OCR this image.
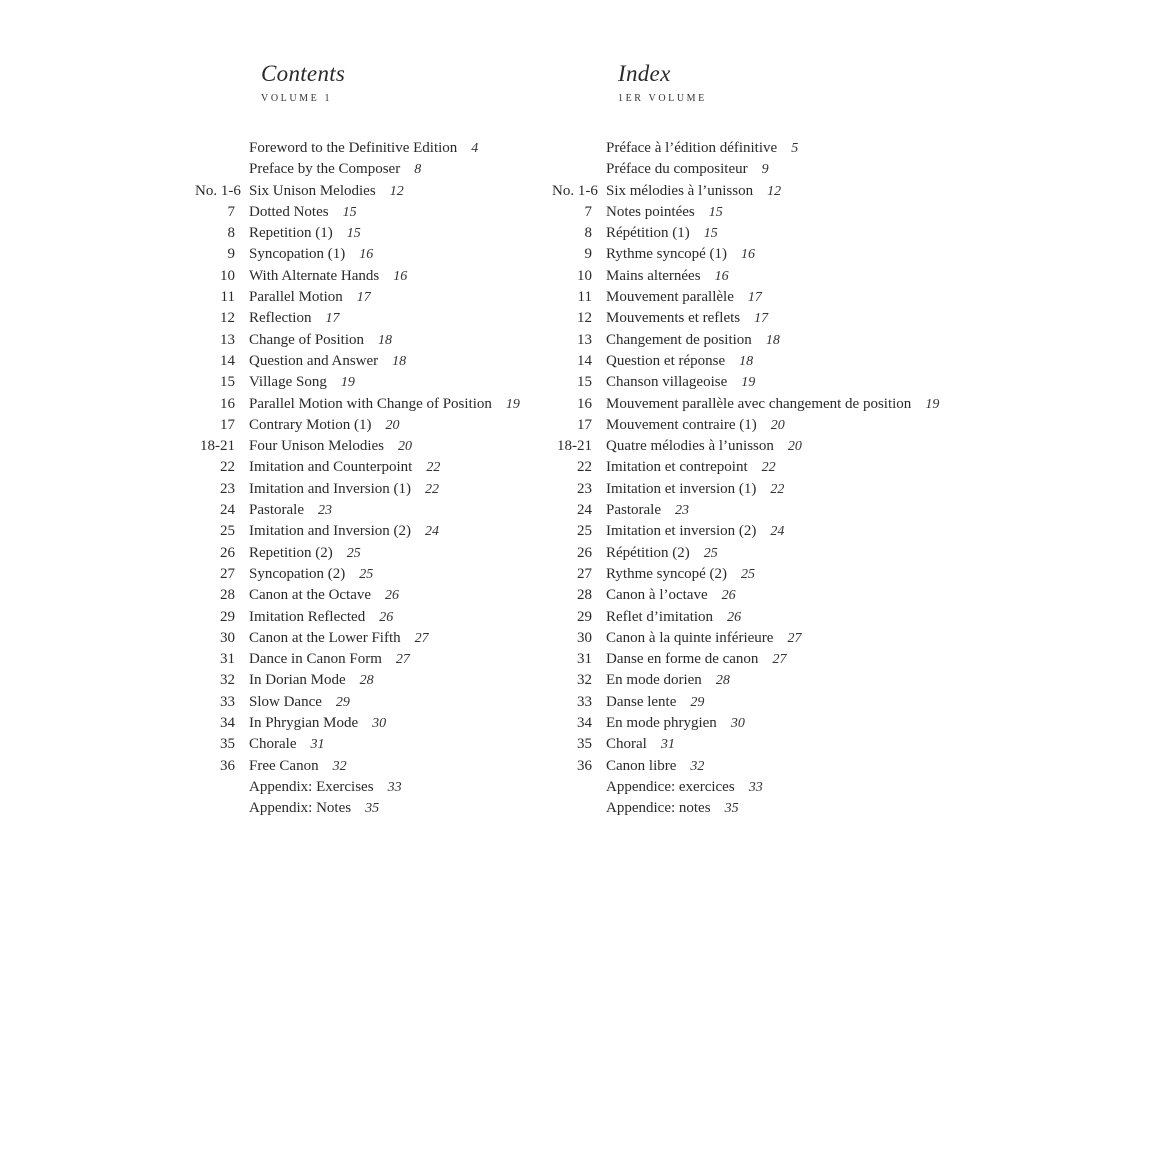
Contents
VOLUME 1
Foreword to the Definitive Edition 4
Preface by the Composer 8
No. 1-6 Six Unison Melodies 12
7 Dotted Notes 15
8 Repetition (1) 15
9 Syncopation (1) 16
10 With Alternate Hands 16
11 Parallel Motion 17
12 Reflection 17
13 Change of Position 18
14 Question and Answer 18
15 Village Song 19
16 Parallel Motion with Change of Position 19
17 Contrary Motion (1) 20
18-21 Four Unison Melodies 20
22 Imitation and Counterpoint 22
23 Imitation and Inversion (1) 22
24 Pastorale 23
25 Imitation and Inversion (2) 24
26 Repetition (2) 25
27 Syncopation (2) 25
28 Canon at the Octave 26
29 Imitation Reflected 26
30 Canon at the Lower Fifth 27
31 Dance in Canon Form 27
32 In Dorian Mode 28
33 Slow Dance 29
34 In Phrygian Mode 30
35 Chorale 31
36 Free Canon 32
Appendix: Exercises 33
Appendix: Notes 35
Index
1ER VOLUME
Préface à l’édition définitive 5
Préface du compositeur 9
No. 1-6 Six mélodies à l’unisson 12
7 Notes pointées 15
8 Répétition (1) 15
9 Rythme syncopé (1) 16
10 Mains alternées 16
11 Mouvement parallèle 17
12 Mouvements et reflets 17
13 Changement de position 18
14 Question et réponse 18
15 Chanson villageoise 19
16 Mouvement parallèle avec changement de position 19
17 Mouvement contraire (1) 20
18-21 Quatre mélodies à l’unisson 20
22 Imitation et contrepoint 22
23 Imitation et inversion (1) 22
24 Pastorale 23
25 Imitation et inversion (2) 24
26 Répétition (2) 25
27 Rythme syncopé (2) 25
28 Canon à l’octave 26
29 Reflet d’imitation 26
30 Canon à la quinte inférieure 27
31 Danse en forme de canon 27
32 En mode dorien 28
33 Danse lente 29
34 En mode phrygien 30
35 Choral 31
36 Canon libre 32
Appendice: exercices 33
Appendice: notes 35
